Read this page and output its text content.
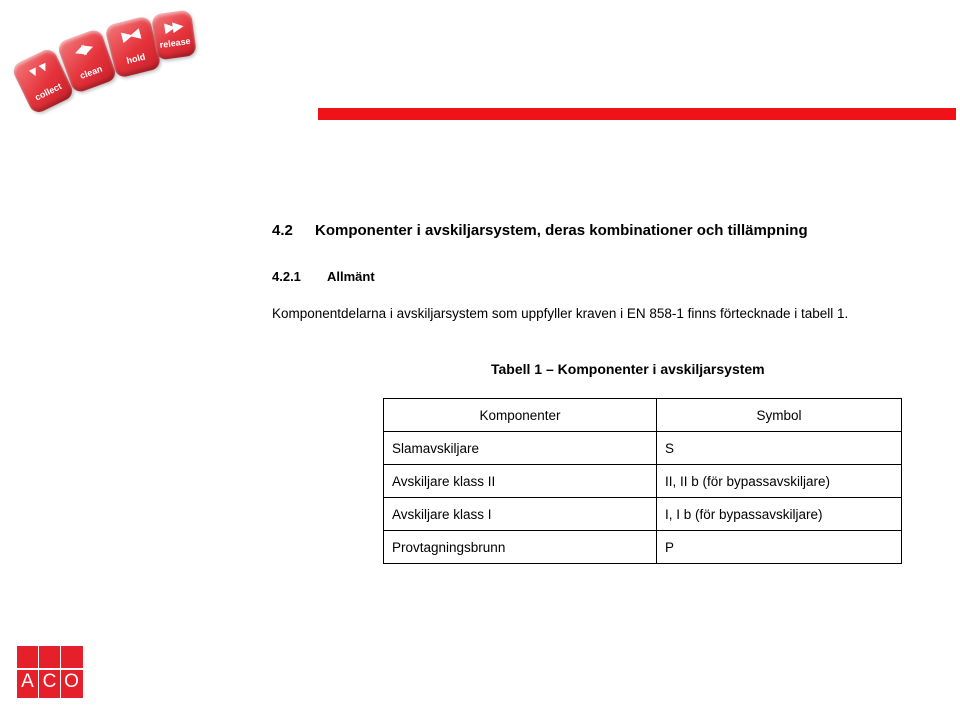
▼▼
collect
◀▶
clean
▶◀
hold
▶▶
release
4.2 Komponenter i avskiljarsystem, deras kombinationer och tillämpning
4.2.1 Allmänt
Komponentdelarna i avskiljarsystem som uppfyller kraven i EN 858-1 finns förtecknade i tabell 1.
Tabell 1 – Komponenter i avskiljarsystem
Komponenter	Symbol
Slamavskiljare	S
Avskiljare klass II	II, II b (för bypassavskiljare)
Avskiljare klass I	I, I b (för bypassavskiljare)
Provtagningsbrunn	P
A C O
